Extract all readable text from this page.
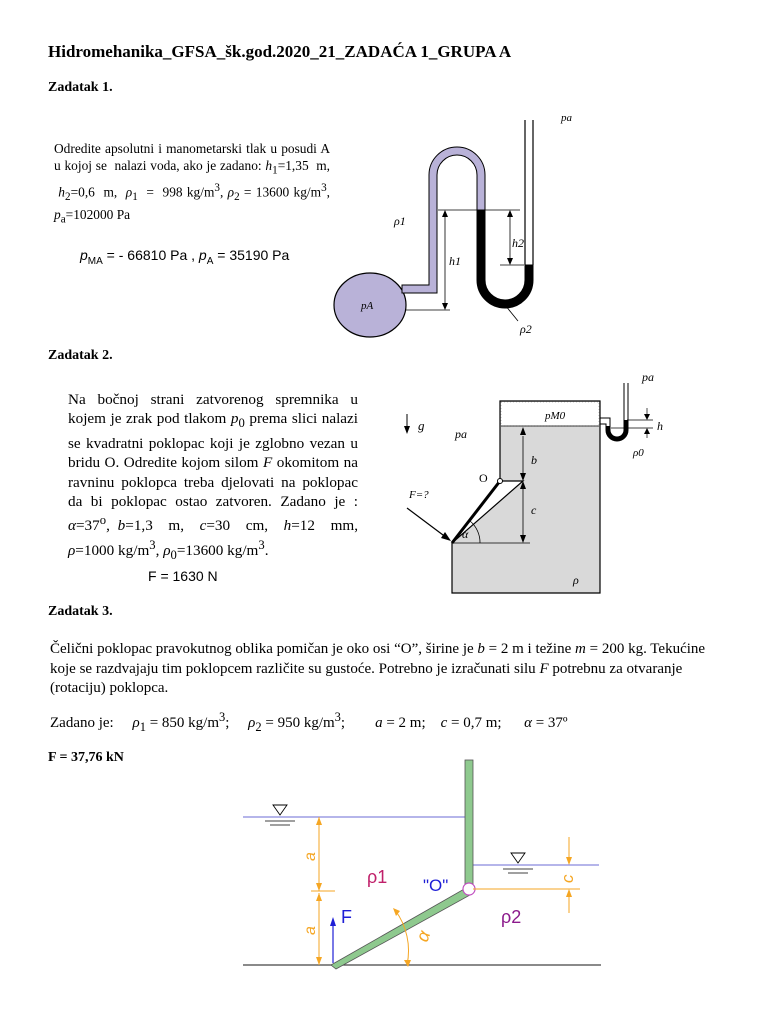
Hidromehanika_GFSA_šk.god.2020_21_ZADAĆA 1_GRUPA A
Zadatak 1.
Odredite apsolutni i manometarski tlak u posudi A u kojoj se  nalazi voda, ako je zadano: $h_1=1,35$  m,  $h_2=0,6$  m,  $\rho_1 = 998$ $kg/m^3$, $\rho_2 = 13600$ $kg/m^3$, $p_a=102000$ Pa
$p_{MA}$ = - 66810 Pa , $p_A = 35190$ Pa
pa
ρ1
h1
h2
ρ2
pA
Zadatak 2.
Na bočnoj strani zatvorenog spremnika u kojem je zrak pod tlakom $p_0$ prema slici nalazi se kvadratni poklopac koji je zglobno vezan u bridu O. Odredite kojom silom F okomitom na ravninu poklopca treba djelovati na poklopac da bi poklopac ostao zatvoren. Zadano je : $\alpha=37^o$, b=1,3  m,  c=30  cm,  h=12  mm, ρ=1000 $kg/m^3$, $\rho_0=13600$ $kg/m^3$.
F = 1630 N
g
pa
pa
pM0
h
ρ0
b
c
O
F=?
α
ρ
Zadatak 3.
Čelični poklopac pravokutnog oblika pomičan je oko osi “O”, širine je b = 2 m i težine m = 200 kg. Tekućine koje se razdvajaju tim poklopcem različite su gustoće. Potrebno je izračunati silu F potrebnu za otvaranje (rotaciju) poklopca.
Zadano je:     $\rho_1 = 850$ $kg/m^3$;     $\rho_2 = 950$ $kg/m^3$;        a = 2 m;    c = 0,7 m;      α = 37º
F = 37,76 kN
a
a
ρ1
ρ2
"O"
F
c
α
